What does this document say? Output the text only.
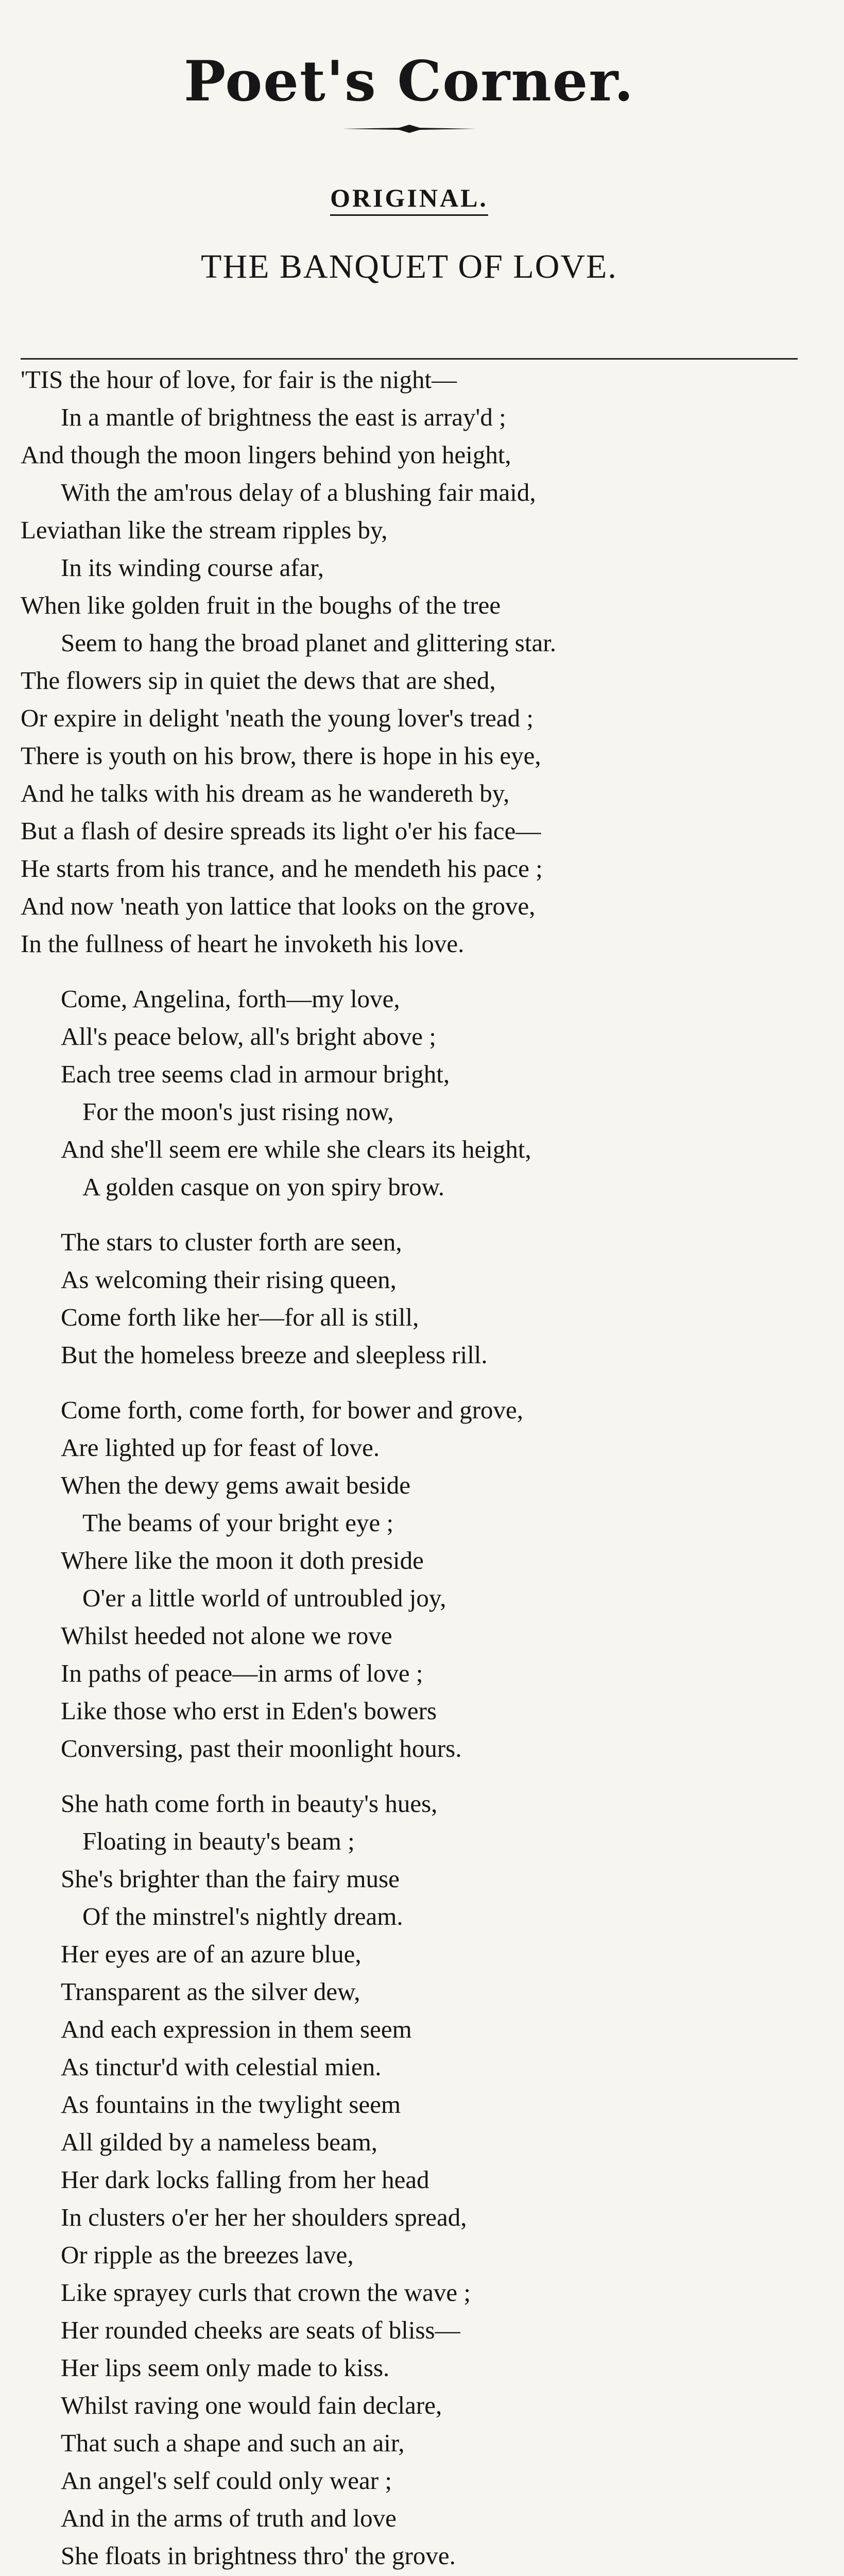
Poet's Corner.
ORIGINAL.
THE BANQUET OF LOVE.
'TIS the hour of love, for fair is the night—
In a mantle of brightness the east is array'd ;
And though the moon lingers behind yon height,
With the am'rous delay of a blushing fair maid,
Leviathan like the stream ripples by,
In its winding course afar,
When like golden fruit in the boughs of the tree
Seem to hang the broad planet and glittering star.
The flowers sip in quiet the dews that are shed,
Or expire in delight 'neath the young lover's tread ;
There is youth on his brow, there is hope in his eye,
And he talks with his dream as he wandereth by,
But a flash of desire spreads its light o'er his face—
He starts from his trance, and he mendeth his pace ;
And now 'neath yon lattice that looks on the grove,
In the fullness of heart he invoketh his love.
Come, Angelina, forth—my love,
All's peace below, all's bright above ;
Each tree seems clad in armour bright,
For the moon's just rising now,
And she'll seem ere while she clears its height,
A golden casque on yon spiry brow.
The stars to cluster forth are seen,
As welcoming their rising queen,
Come forth like her—for all is still,
But the homeless breeze and sleepless rill.
Come forth, come forth, for bower and grove,
Are lighted up for feast of love.
When the dewy gems await beside
The beams of your bright eye ;
Where like the moon it doth preside
O'er a little world of untroubled joy,
Whilst heeded not alone we rove
In paths of peace—in arms of love ;
Like those who erst in Eden's bowers
Conversing, past their moonlight hours.
She hath come forth in beauty's hues,
Floating in beauty's beam ;
She's brighter than the fairy muse
Of the minstrel's nightly dream.
Her eyes are of an azure blue,
Transparent as the silver dew,
And each expression in them seem
As tinctur'd with celestial mien.
As fountains in the twylight seem
All gilded by a nameless beam,
Her dark locks falling from her head
In clusters o'er her her shoulders spread,
Or ripple as the breezes lave,
Like sprayey curls that crown the wave ;
Her rounded cheeks are seats of bliss—
Her lips seem only made to kiss.
Whilst raving one would fain declare,
That such a shape and such an air,
An angel's self could only wear ;
And in the arms of truth and love
She floats in brightness thro' the grove.
